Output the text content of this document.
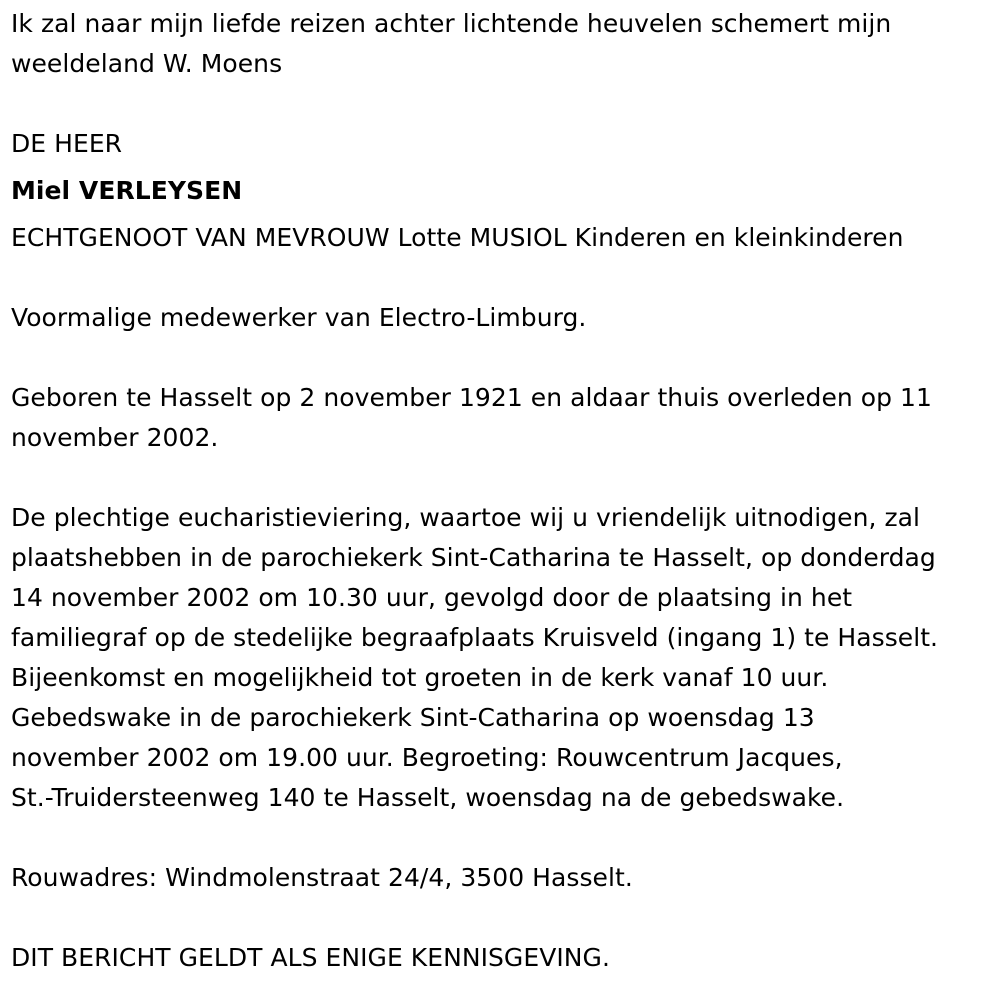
Ik zal naar mijn liefde reizen achter lichtende heuvelen schemert mijn
weeldeland W. Moens

DE HEER

Miel VERLEYSEN

ECHTGENOOT VAN MEVROUW Lotte MUSIOL Kinderen en kleinkinderen

Voormalige medewerker van Electro-Limburg.

Geboren te Hasselt op 2 november 1921 en aldaar thuis overleden op 11
november 2002.

De plechtige eucharistieviering, waartoe wij u vriendelijk uitnodigen, zal
plaatshebben in de parochiekerk Sint-Catharina te Hasselt, op donderdag
14 november 2002 om 10.30 uur, gevolgd door de plaatsing in het
familiegraf op de stedelijke begraafplaats Kruisveld (ingang 1) te Hasselt.
Bijeenkomst en mogelijkheid tot groeten in de kerk vanaf 10 uur.
Gebedswake in de parochiekerk Sint-Catharina op woensdag 13
november 2002 om 19.00 uur. Begroeting: Rouwcentrum Jacques,
St.-Truidersteenweg 140 te Hasselt, woensdag na de gebedswake.

Rouwadres: Windmolenstraat 24/4, 3500 Hasselt.

DIT BERICHT GELDT ALS ENIGE KENNISGEVING.
